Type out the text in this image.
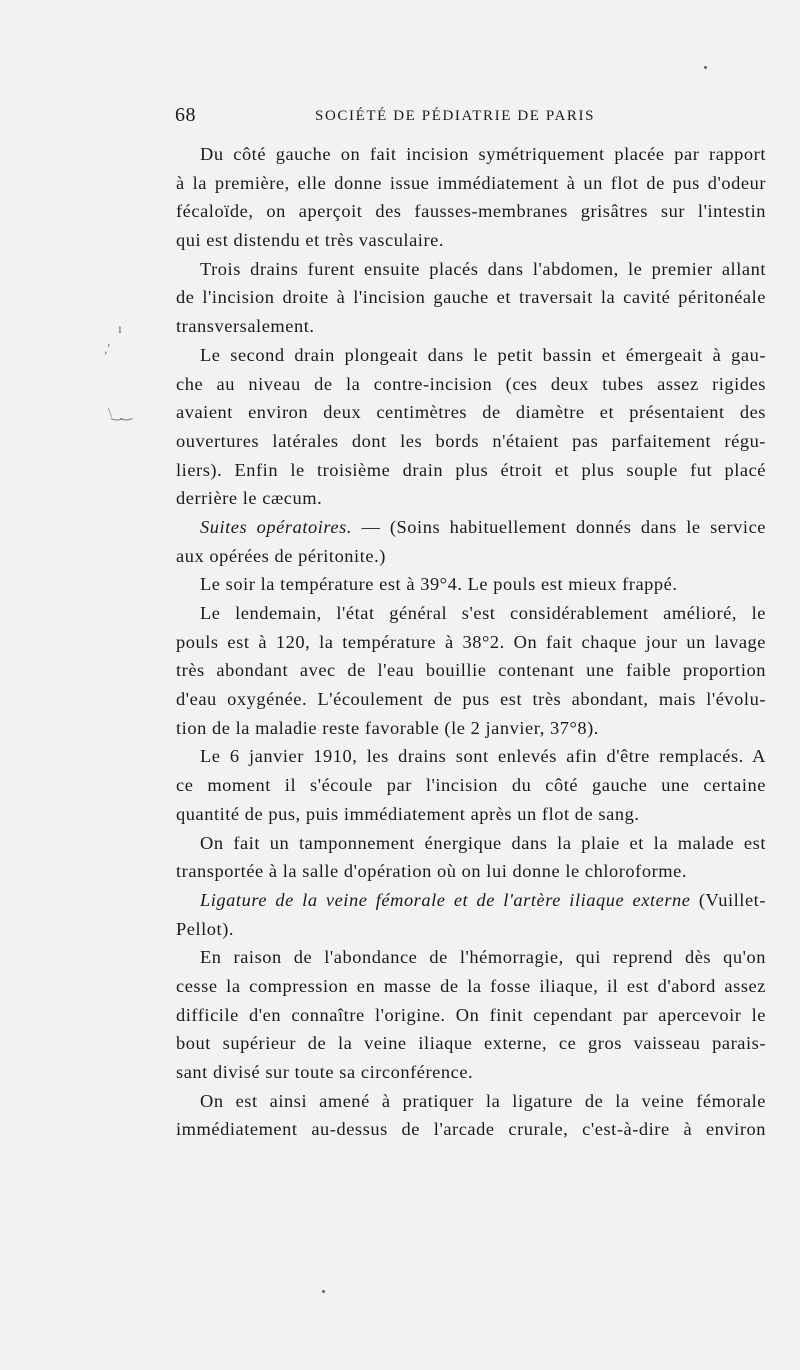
68	SOCIÉTÉ DE PÉDIATRIE DE PARIS
Du côté gauche on fait incision symétriquement placée par rapport
à la première, elle donne issue immédiatement à un flot de pus d'odeur
fécaloïde, on aperçoit des fausses-membranes grisâtres sur l'intestin
qui est distendu et très vasculaire.
Trois drains furent ensuite placés dans l'abdomen, le premier allant
de l'incision droite à l'incision gauche et traversait la cavité péritonéale
transversalement.
Le second drain plongeait dans le petit bassin et émergeait à gau-
che au niveau de la contre-incision (ces deux tubes assez rigides
avaient environ deux centimètres de diamètre et présentaient des
ouvertures latérales dont les bords n'étaient pas parfaitement régu-
liers). Enfin le troisième drain plus étroit et plus souple fut placé
derrière le cæcum.
Suites opératoires. — (Soins habituellement donnés dans le service
aux opérées de péritonite.)
Le soir la température est à 39°4. Le pouls est mieux frappé.
Le lendemain, l'état général s'est considérablement amélioré, le
pouls est à 120, la température à 38°2. On fait chaque jour un lavage
très abondant avec de l'eau bouillie contenant une faible proportion
d'eau oxygénée. L'écoulement de pus est très abondant, mais l'évolu-
tion de la maladie reste favorable (le 2 janvier, 37°8).
Le 6 janvier 1910, les drains sont enlevés afin d'être remplacés. A
ce moment il s'écoule par l'incision du côté gauche une certaine
quantité de pus, puis immédiatement après un flot de sang.
On fait un tamponnement énergique dans la plaie et la malade est
transportée à la salle d'opération où on lui donne le chloroforme.
Ligature de la veine fémorale et de l'artère iliaque externe (Vuillet-
Pellot).
En raison de l'abondance de l'hémorragie, qui reprend dès qu'on
cesse la compression en masse de la fosse iliaque, il est d'abord assez
difficile d'en connaître l'origine. On finit cependant par apercevoir le
bout supérieur de la veine iliaque externe, ce gros vaisseau parais-
sant divisé sur toute sa circonférence.
On est ainsi amené à pratiquer la ligature de la veine fémorale
immédiatement au-dessus de l'arcade crurale, c'est-à-dire à environ
ı
,'
\ ‿‿
